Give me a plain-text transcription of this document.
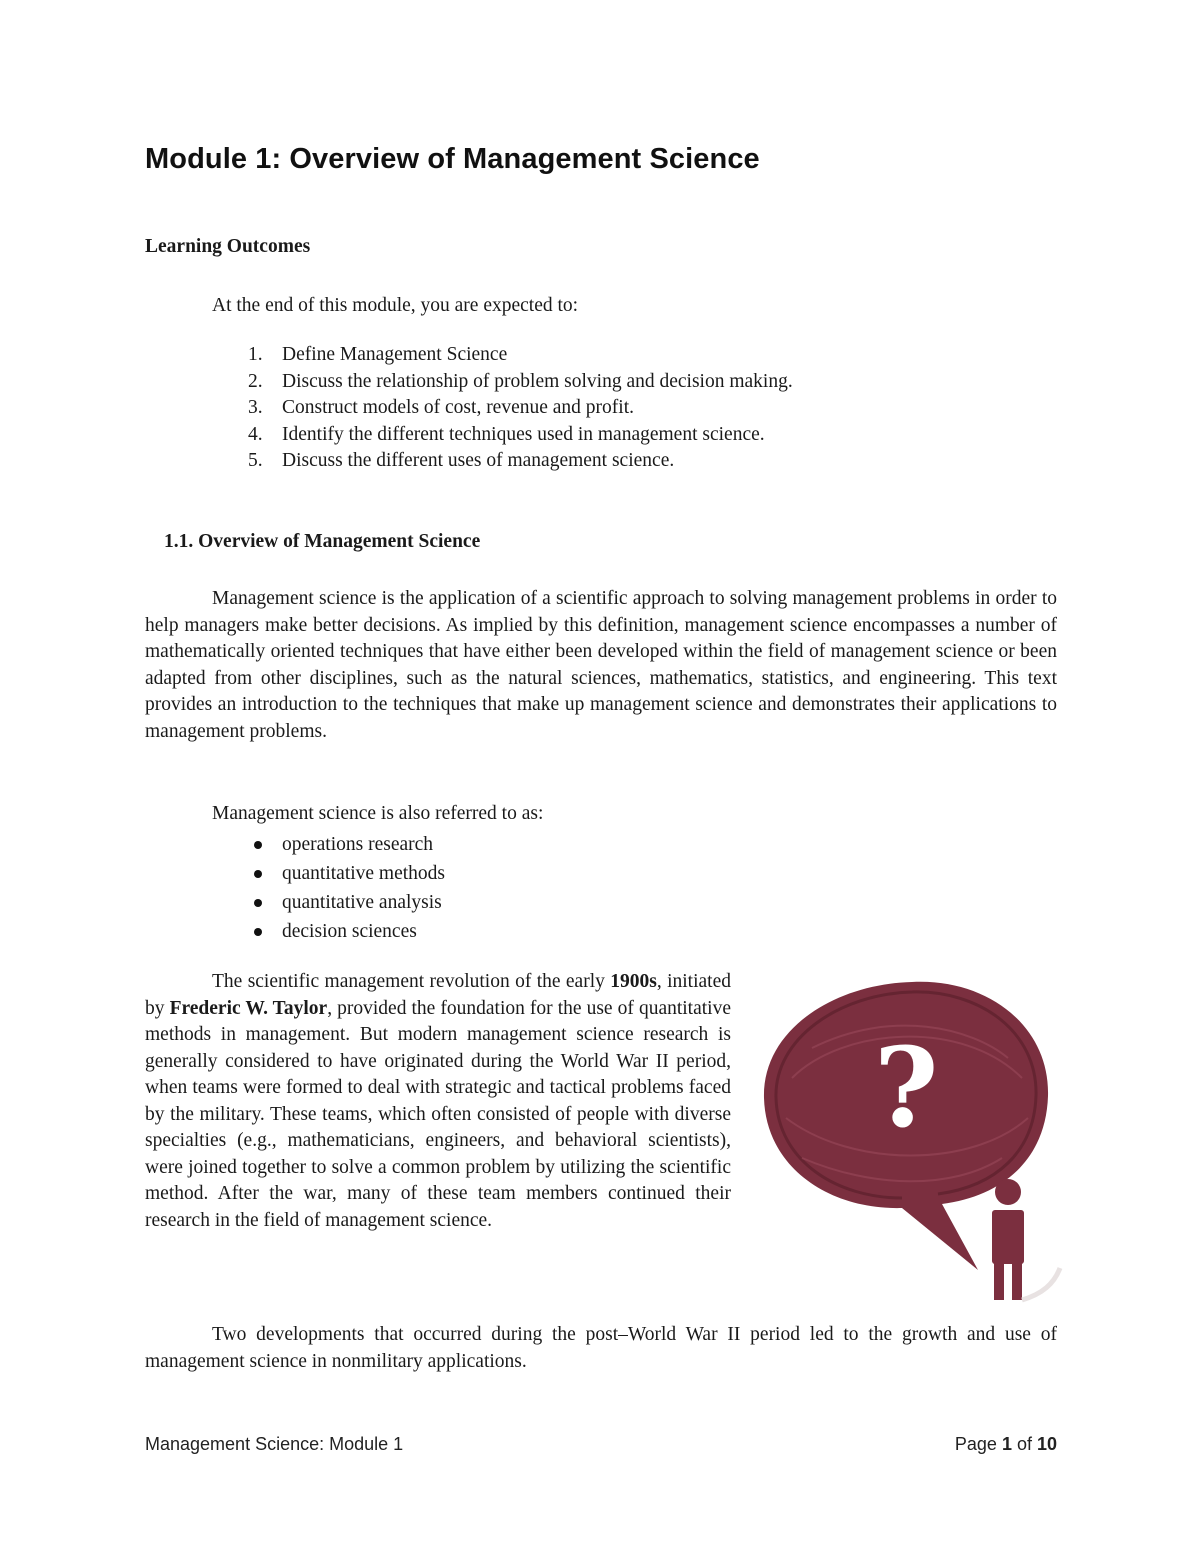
Module 1: Overview of Management Science
Learning Outcomes

At the end of this module, you are expected to:

1. Define Management Science
2. Discuss the relationship of problem solving and decision making.
3. Construct models of cost, revenue and profit.
4. Identify the different techniques used in management science.
5. Discuss the different uses of management science.
1.1. Overview of Management Science

Management science is the application of a scientific approach to solving management problems in order to help managers make better decisions. As implied by this definition, management science encompasses a number of mathematically oriented techniques that have either been developed within the field of management science or been adapted from other disciplines, such as the natural sciences, mathematics, statistics, and engineering. This text provides an introduction to the techniques that make up management science and demonstrates their applications to management problems.

Management science is also referred to as:

operations research
quantitative methods
quantitative analysis
decision sciences

The scientific management revolution of the early 1900s, initiated by Frederic W. Taylor, provided the foundation for the use of quantitative methods in management. But modern management science research is generally considered to have originated during the World War II period, when teams were formed to deal with strategic and tactical problems faced by the military. These teams, which often consisted of people with diverse specialties (e.g., mathematicians, engineers, and behavioral scientists), were joined together to solve a common problem by utilizing the scientific method. After the war, many of these team members continued their research in the field of management science.

?

Two developments that occurred during the post–World War II period led to the growth and use of management science in nonmilitary applications.

Management Science: Module 1	Page 1 of 10
